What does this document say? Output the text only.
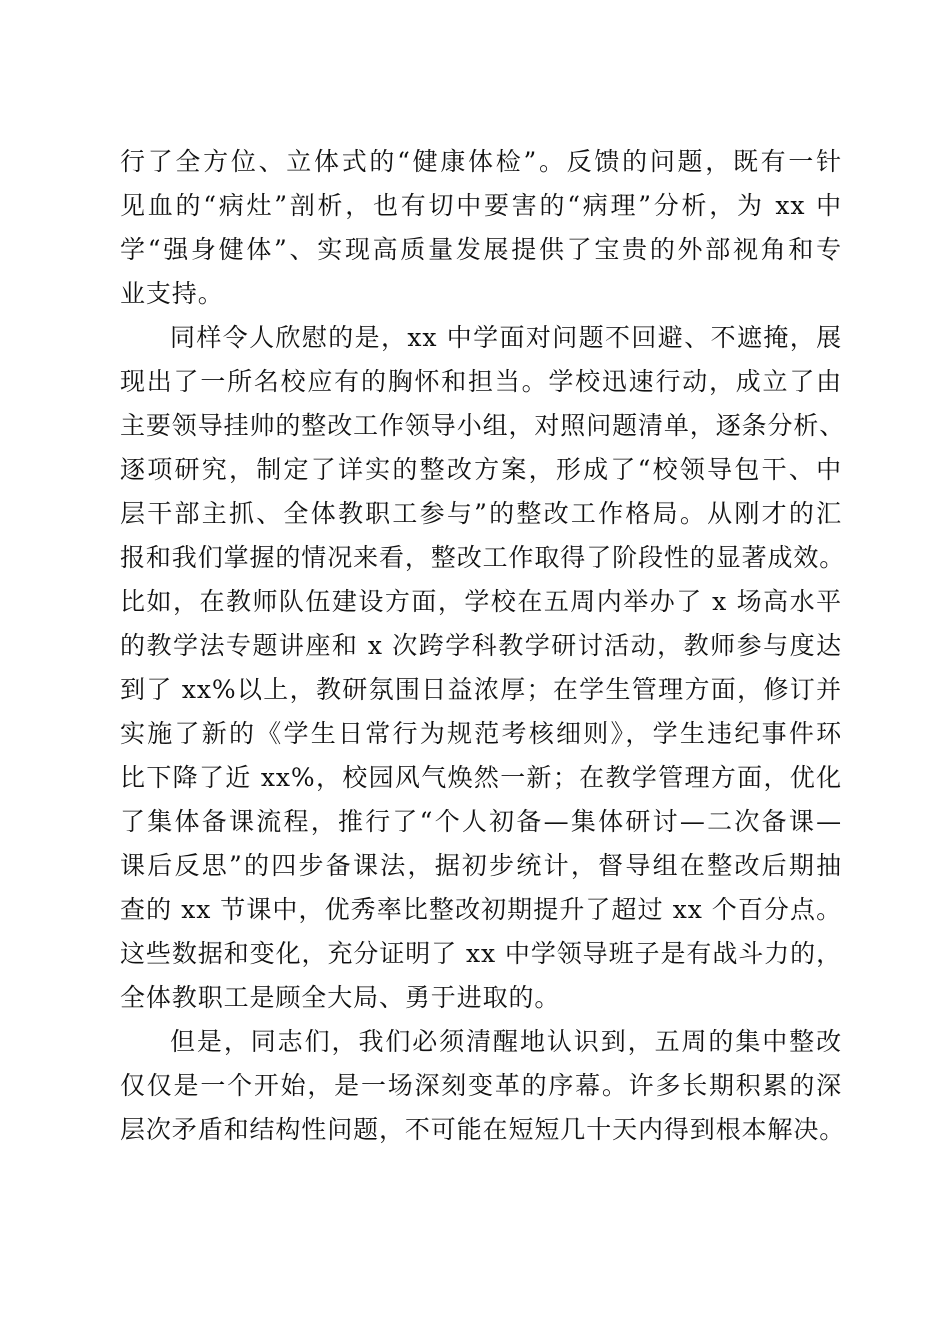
行了全方位、立体式的“健康体检”。反馈的问题，既有一针
见血的“病灶”剖析，也有切中要害的“病理”分析，为 xx 中
学“强身健体”、实现高质量发展提供了宝贵的外部视角和专
业支持。
同样令人欣慰的是，xx 中学面对问题不回避、不遮掩，展
现出了一所名校应有的胸怀和担当。学校迅速行动，成立了由
主要领导挂帅的整改工作领导小组，对照问题清单，逐条分析、
逐项研究，制定了详实的整改方案，形成了“校领导包干、中
层干部主抓、全体教职工参与”的整改工作格局。从刚才的汇
报和我们掌握的情况来看，整改工作取得了阶段性的显著成效。
比如，在教师队伍建设方面，学校在五周内举办了 x 场高水平
的教学法专题讲座和 x 次跨学科教学研讨活动，教师参与度达
到了 xx%以上，教研氛围日益浓厚；在学生管理方面，修订并
实施了新的《学生日常行为规范考核细则》，学生违纪事件环
比下降了近 xx%，校园风气焕然一新；在教学管理方面，优化
了集体备课流程，推行了“个人初备—集体研讨—二次备课—
课后反思”的四步备课法，据初步统计，督导组在整改后期抽
查的 xx 节课中，优秀率比整改初期提升了超过 xx 个百分点。
这些数据和变化，充分证明了 xx 中学领导班子是有战斗力的，
全体教职工是顾全大局、勇于进取的。
但是，同志们，我们必须清醒地认识到，五周的集中整改
仅仅是一个开始，是一场深刻变革的序幕。许多长期积累的深
层次矛盾和结构性问题，不可能在短短几十天内得到根本解决。
